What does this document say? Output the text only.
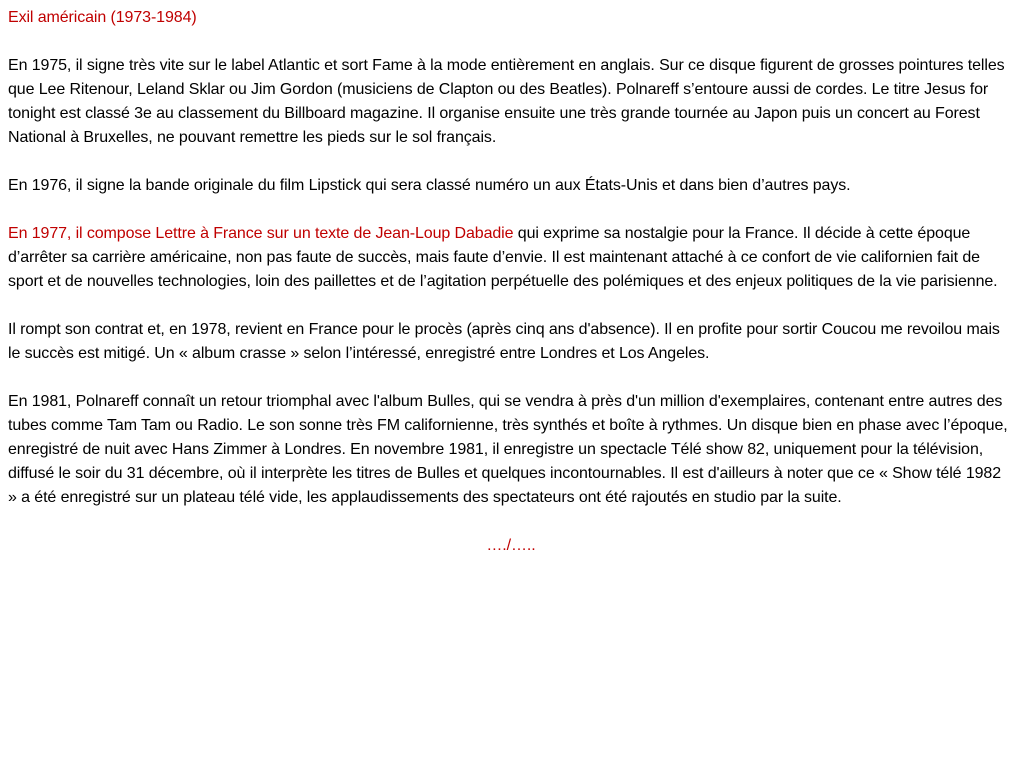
Exil américain (1973-1984)

En 1975, il signe très vite sur le label Atlantic et sort Fame à la mode entièrement en anglais. Sur ce disque figurent de grosses pointures telles que Lee Ritenour, Leland Sklar ou Jim Gordon (musiciens de Clapton ou des Beatles). Polnareff s’entoure aussi de cordes. Le titre Jesus for tonight est classé 3e au classement du Billboard magazine. Il organise ensuite une très grande tournée au Japon puis un concert au Forest National à Bruxelles, ne pouvant remettre les pieds sur le sol français.

En 1976, il signe la bande originale du film Lipstick qui sera classé numéro un aux États-Unis et dans bien d’autres pays.

En 1977, il compose Lettre à France sur un texte de Jean-Loup Dabadie qui exprime sa nostalgie pour la France. Il décide à cette époque d’arrêter sa carrière américaine, non pas faute de succès, mais faute d’envie. Il est maintenant attaché à ce confort de vie californien fait de sport et de nouvelles technologies, loin des paillettes et de l’agitation perpétuelle des polémiques et des enjeux politiques de la vie parisienne.

Il rompt son contrat et, en 1978, revient en France pour le procès (après cinq ans d'absence). Il en profite pour sortir Coucou me revoilou mais le succès est mitigé. Un « album crasse » selon l’intéressé, enregistré entre Londres et Los Angeles.

En 1981, Polnareff connaît un retour triomphal avec l'album Bulles, qui se vendra à près d'un million d'exemplaires, contenant entre autres des tubes comme Tam Tam ou Radio. Le son sonne très FM californienne, très synthés et boîte à rythmes. Un disque bien en phase avec l’époque, enregistré de nuit avec Hans Zimmer à Londres. En novembre 1981, il enregistre un spectacle Télé show 82, uniquement pour la télévision, diffusé le soir du 31 décembre, où il interprète les titres de Bulles et quelques incontournables. Il est d'ailleurs à noter que ce « Show télé 1982 » a été enregistré sur un plateau télé vide, les applaudissements des spectateurs ont été rajoutés en studio par la suite.

…./…..
